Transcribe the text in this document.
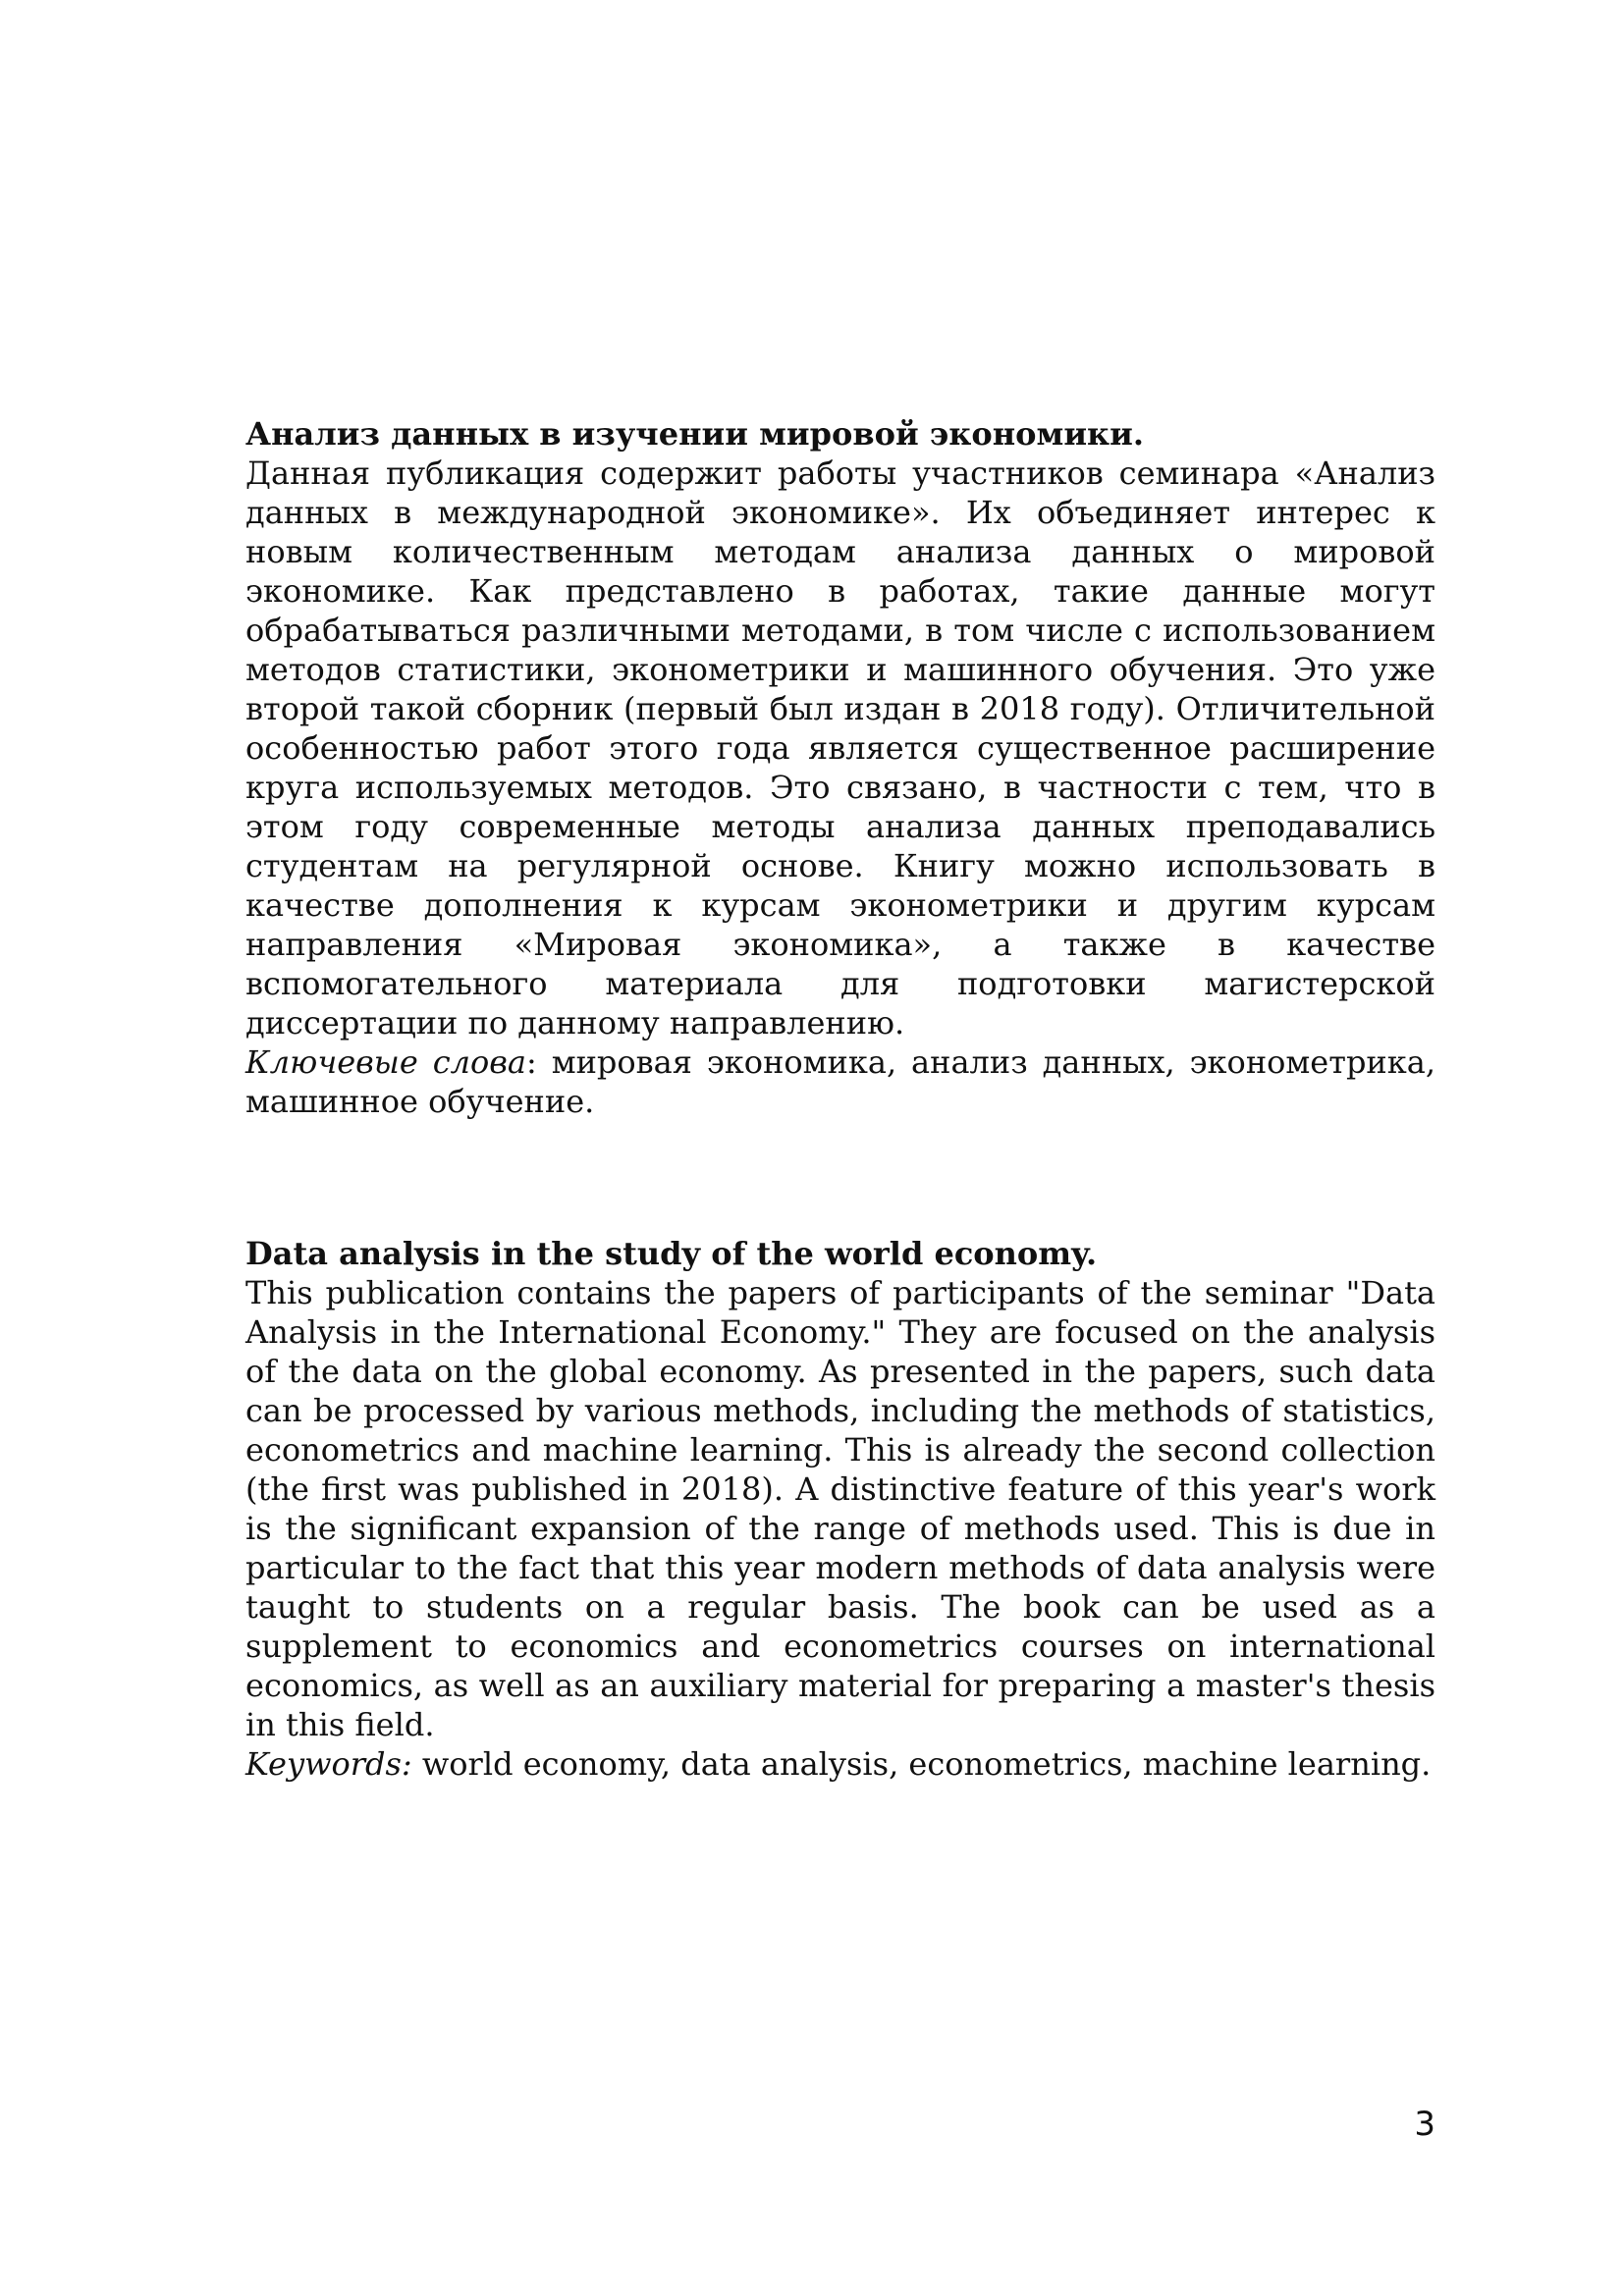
Анализ данных в изучении мировой экономики.

Данная публикация содержит работы участников семинара «Анализ данных в международной экономике». Их объединяет интерес к новым количественным методам анализа данных о мировой экономике. Как представлено в работах, такие данные могут обрабатываться различными методами, в том числе с использованием методов статистики, эконометрики и машинного обучения. Это уже второй такой сборник (первый был издан в 2018 году). Отличительной особенностью работ этого года является существенное расширение круга используемых методов. Это связано, в частности с тем, что в этом году современные методы анализа данных преподавались студентам на регулярной основе. Книгу можно использовать в качестве дополнения к курсам эконометрики и другим курсам направления «Мировая экономика», а также в качестве вспомогательного материала для подготовки магистерской диссертации по данному направлению.

Ключевые слова: мировая экономика, анализ данных, эконометрика, машинное обучение.

Data analysis in the study of the world economy.

This publication contains the papers of participants of the seminar "Data Analysis in the International Economy." They are focused on the analysis of the data on the global economy. As presented in the papers, such data can be processed by various methods, including the methods of statistics, econometrics and machine learning. This is already the second collection (the first was published in 2018). A distinctive feature of this year's work is the significant expansion of the range of methods used. This is due in particular to the fact that this year modern methods of data analysis were taught to students on a regular basis. The book can be used as a supplement to economics and econometrics courses on international economics, as well as an auxiliary material for preparing a master's thesis in this field.

Keywords: world economy, data analysis, econometrics, machine learning.

3
